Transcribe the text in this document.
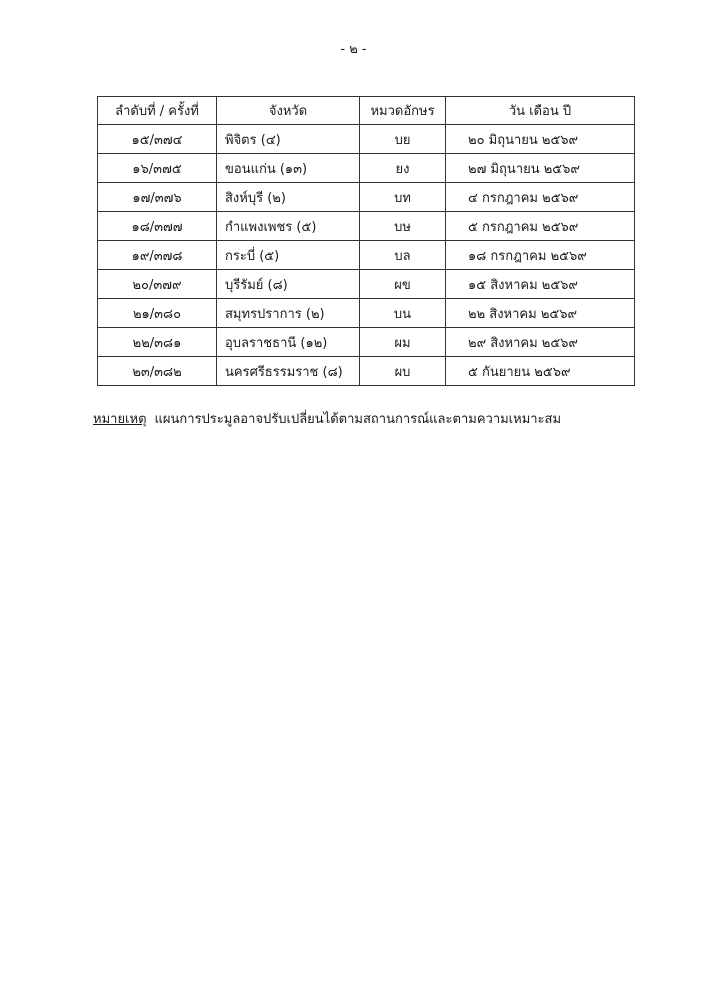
- ๒ -
ลำดับที่ / ครั้งที่	จังหวัด	หมวดอักษร	วัน เดือน ปี
๑๕/๓๗๔	พิจิตร (๔)	บย	๒๐ มิถุนายน ๒๕๖๙
๑๖/๓๗๕	ขอนแก่น (๑๓)	ยง	๒๗ มิถุนายน ๒๕๖๙
๑๗/๓๗๖	สิงห์บุรี (๒)	บท	๔ กรกฎาคม ๒๕๖๙
๑๘/๓๗๗	กำแพงเพชร (๕)	บษ	๕ กรกฎาคม ๒๕๖๙
๑๙/๓๗๘	กระบี่ (๕)	บล	๑๘ กรกฎาคม ๒๕๖๙
๒๐/๓๗๙	บุรีรัมย์ (๘)	ผข	๑๕ สิงหาคม ๒๕๖๙
๒๑/๓๘๐	สมุทรปราการ (๒)	บน	๒๒ สิงหาคม ๒๕๖๙
๒๒/๓๘๑	อุบลราชธานี (๑๒)	ผม	๒๙ สิงหาคม ๒๕๖๙
๒๓/๓๘๒	นครศรีธรรมราช (๘)	ผบ	๕ กันยายน ๒๕๖๙
หมายเหตุ แผนการประมูลอาจปรับเปลี่ยนได้ตามสถานการณ์และตามความเหมาะสม
